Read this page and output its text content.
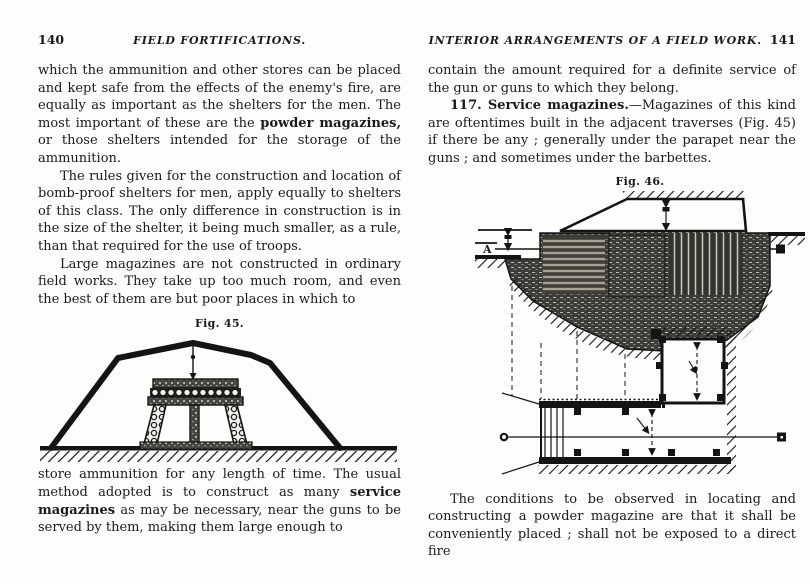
140	FIELD FORTIFICATIONS.

which the ammunition and other stores can be placed and kept safe from the effects of the enemy's fire, are equally as important as the shelters for the men. The most important of these are the powder magazines, or those shelters intended for the storage of the ammunition.

The rules given for the construction and location of bomb-proof shelters for men, apply equally to shelters of this class. The only difference in construction is in the size of the shelter, it being much smaller, as a rule, than that required for the use of troops.

Large magazines are not constructed in ordinary field works. They take up too much room, and even the best of them are but poor places in which to

Fig. 45.

store ammunition for any length of time. The usual method adopted is to construct as many service magazines as may be necessary, near the guns to be served by them, making them large enough to

INTERIOR ARRANGEMENTS OF A FIELD WORK. 141

contain the amount required for a definite service of the gun or guns to which they belong.

117. Service magazines.—Magazines of this kind are oftentimes built in the adjacent traverses (Fig. 45) if there be any ; generally under the parapet near the guns ; and sometimes under the barbettes.

Fig. 46.
A

The conditions to be observed in locating and constructing a powder magazine are that it shall be conveniently placed ; shall not be exposed to a direct fire
